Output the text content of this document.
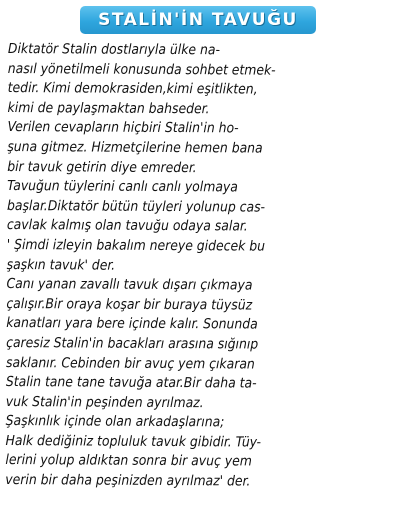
STALİN'İN TAVUĞU
Diktatör Stalin dostlarıyla ülke na-
nasıl yönetilmeli konusunda sohbet etmek-
tedir. Kimi demokrasiden,kimi eşitlikten,
kimi de paylaşmaktan bahseder.
Verilen cevapların hiçbiri Stalin'in ho-
şuna gitmez. Hizmetçilerine hemen bana
bir tavuk getirin diye emreder.
Tavuğun tüylerini canlı canlı yolmaya
başlar.Diktatör bütün tüyleri yolunup cas-
cavlak kalmış olan tavuğu odaya salar.
' Şimdi izleyin bakalım nereye gidecek bu
şaşkın tavuk' der.
Canı yanan zavallı tavuk dışarı çıkmaya
çalışır.Bir oraya koşar bir buraya tüysüz
kanatları yara bere içinde kalır. Sonunda
çaresiz Stalin'in bacakları arasına sığınıp
saklanır. Cebinden bir avuç yem çıkaran
Stalin tane tane tavuğa atar.Bir daha ta-
vuk Stalin'in peşinden ayrılmaz.
Şaşkınlık içinde olan arkadaşlarına;
Halk dediğiniz topluluk tavuk gibidir. Tüy-
lerini yolup aldıktan sonra bir avuç yem
verin bir daha peşinizden ayrılmaz' der.
